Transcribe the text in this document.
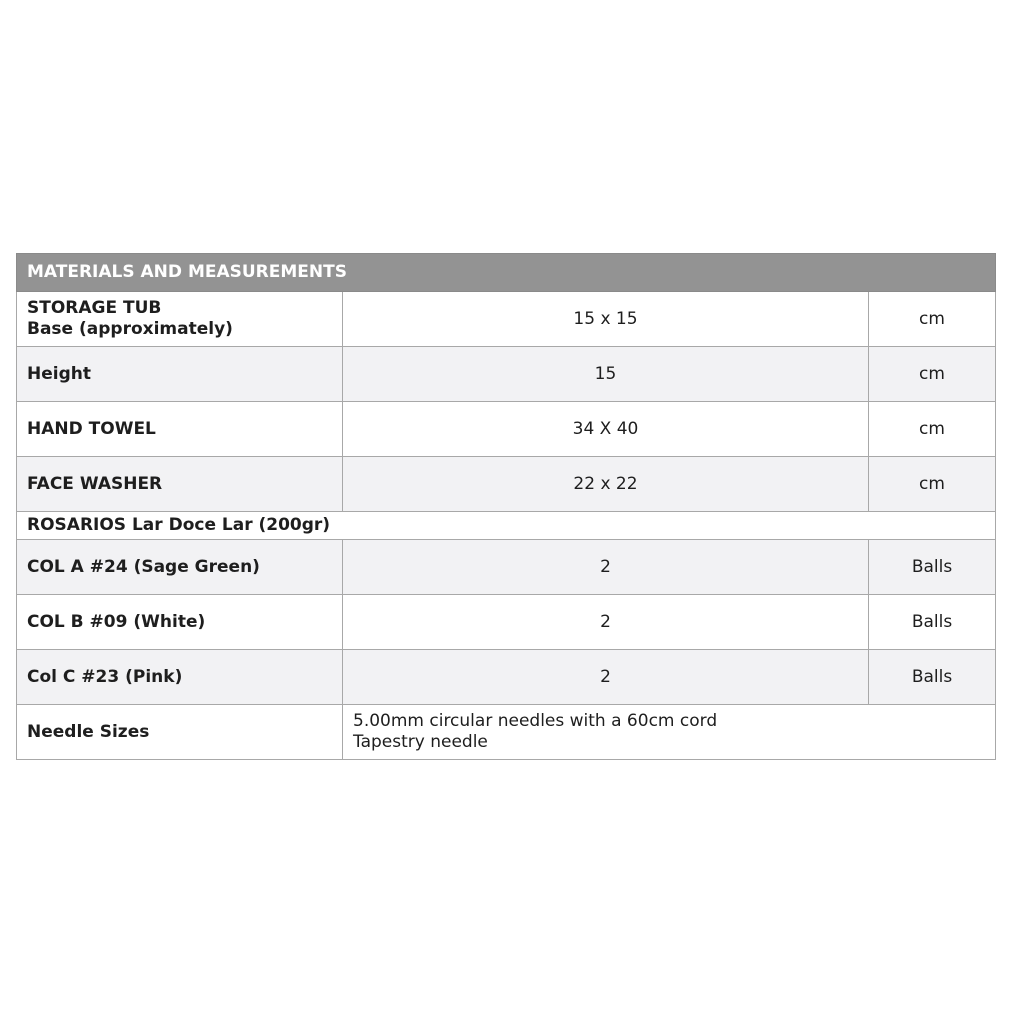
MATERIALS AND MEASUREMENTS		

STORAGE TUB
Base (approximately)	15 x 15	cm
Height	15	cm
HAND TOWEL	34 X 40	cm
FACE WASHER	22 x 22	cm
ROSARIOS Lar Doce Lar (200gr)		
COL A #24 (Sage Green)	2	Balls
COL B #09 (White)	2	Balls
Col C #23 (Pink)	2	Balls
Needle Sizes	5.00mm circular needles with a 60cm cord
Tapestry needle	
